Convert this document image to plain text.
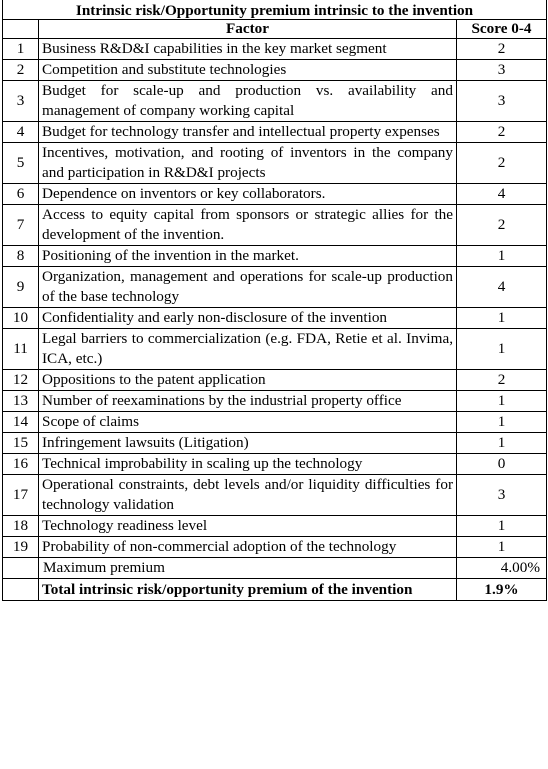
Intrinsic risk/Opportunity premium intrinsic to the invention		
	Factor	Score 0-4
1	Business R&D&I capabilities in the key market segment	2
2	Competition and substitute technologies	3
3	Budget for scale-up and production vs. availability and management of company working capital	3
4	Budget for technology transfer and intellectual property expenses	2
5	Incentives, motivation, and rooting of inventors in the company and participation in R&D&I projects	2
6	Dependence on inventors or key collaborators.	4
7	Access to equity capital from sponsors or strategic allies for the development of the invention.	2
8	Positioning of the invention in the market.	1
9	Organization, management and operations for scale-up production of the base technology	4
10	Confidentiality and early non-disclosure of the invention	1
11	Legal barriers to commercialization (e.g. FDA, Retie et al. Invima, ICA, etc.)	1
12	Oppositions to the patent application	2
13	Number of reexaminations by the industrial property office	1
14	Scope of claims	1
15	Infringement lawsuits (Litigation)	1
16	Technical improbability in scaling up the technology	0
17	Operational constraints, debt levels and/or liquidity difficulties for technology validation	3
18	Technology readiness level	1
19	Probability of non-commercial adoption of the technology	1
	Maximum premium	4.00%
	Total intrinsic risk/opportunity premium of the invention	1.9%
